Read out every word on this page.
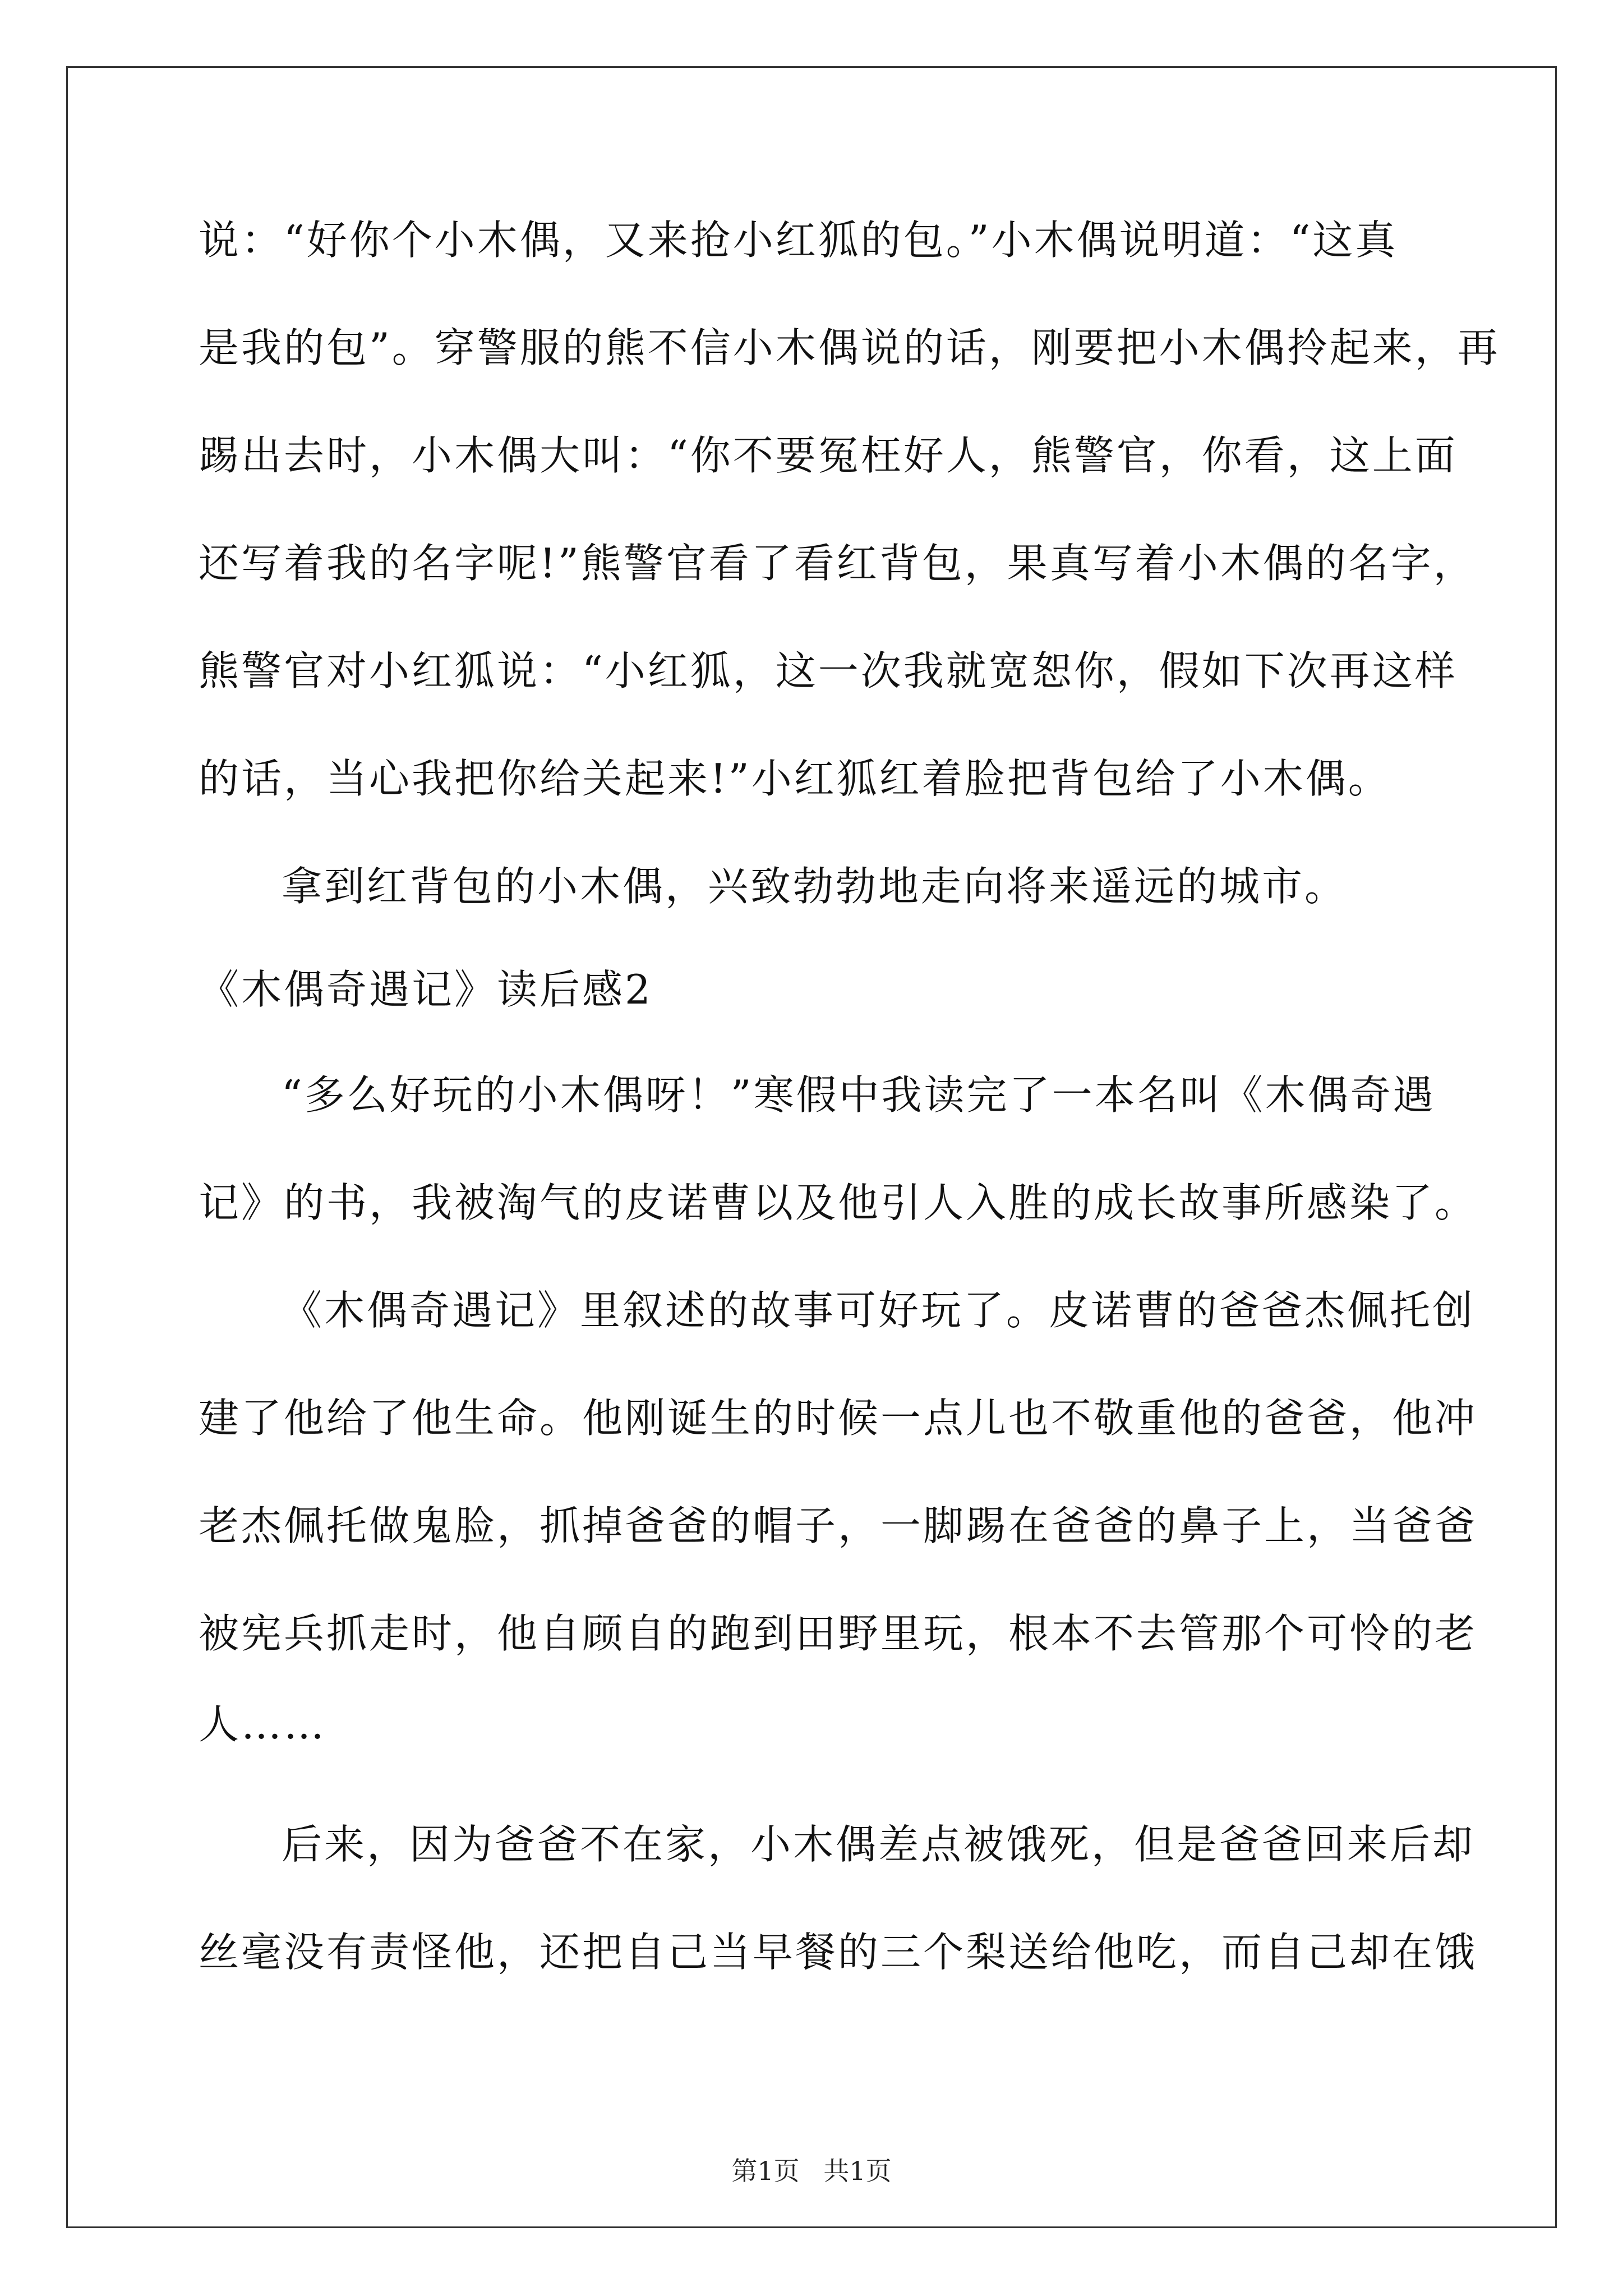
说：“好你个小木偶，又来抢小红狐的包。”小木偶说明道：“这真
是我的包”。穿警服的熊不信小木偶说的话，刚要把小木偶拎起来，再
踢出去时，小木偶大叫：“你不要冤枉好人，熊警官，你看，这上面
还写着我的名字呢!”熊警官看了看红背包，果真写着小木偶的名字，
熊警官对小红狐说：“小红狐，这一次我就宽恕你，假如下次再这样
的话，当心我把你给关起来!”小红狐红着脸把背包给了小木偶。
拿到红背包的小木偶，兴致勃勃地走向将来遥远的城市。
《木偶奇遇记》读后感2
“多么好玩的小木偶呀！”寒假中我读完了一本名叫《木偶奇遇
记》的书，我被淘气的皮诺曹以及他引人入胜的成长故事所感染了。
《木偶奇遇记》里叙述的故事可好玩了。皮诺曹的爸爸杰佩托创
建了他给了他生命。他刚诞生的时候一点儿也不敬重他的爸爸，他冲
老杰佩托做鬼脸，抓掉爸爸的帽子，一脚踢在爸爸的鼻子上，当爸爸
被宪兵抓走时，他自顾自的跑到田野里玩，根本不去管那个可怜的老
人……
后来，因为爸爸不在家，小木偶差点被饿死，但是爸爸回来后却
丝毫没有责怪他，还把自己当早餐的三个梨送给他吃，而自己却在饿
第1页 共1页
